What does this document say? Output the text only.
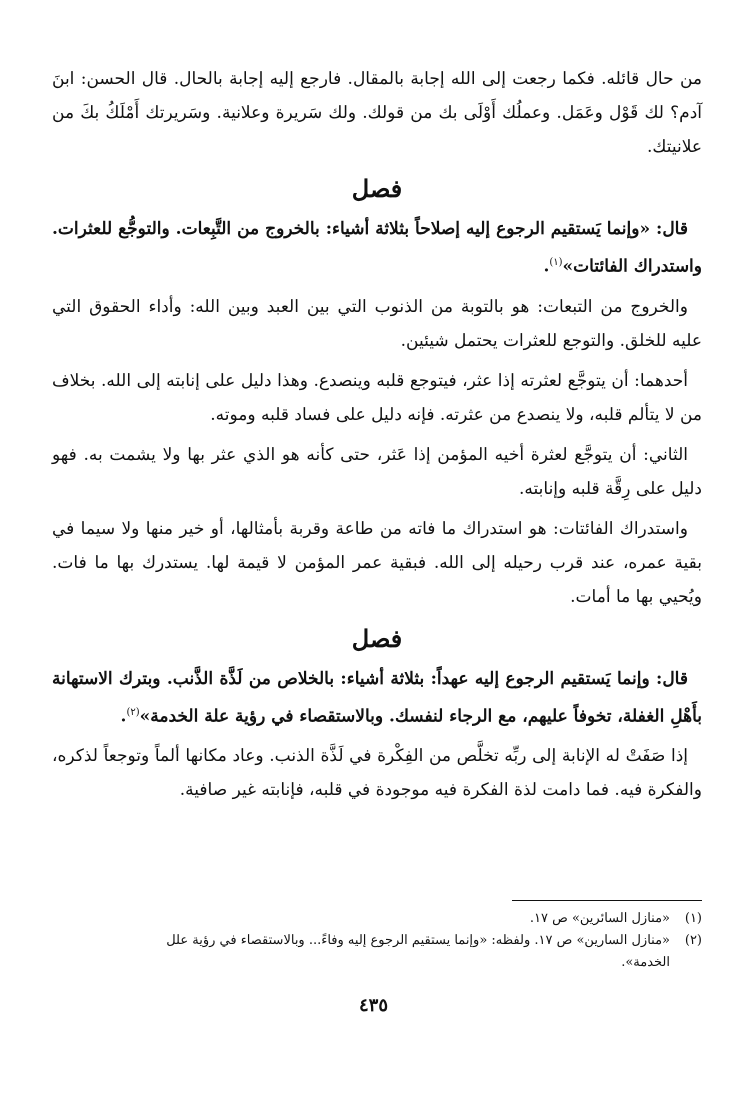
من حال قائله. فكما رجعت إلى الله إجابة بالمقال. فارجع إليه إجابة بالحال. قال الحسن: ابنَ آدم؟ لك قَوْل وعَمَل. وعملُك أَوْلَى بك من قولك. ولك سَريرة وعلانية. وسَريرتك أَمْلَكُ بكَ من علانيتك.

فصل

قال: «وإنما يَستقيم الرجوع إليه إصلاحاً بثلاثة أشياء: بالخروج من التَّبِعات. والتوجُّع للعثرات. واستدراك الفائتات»$^{(١)}$.

والخروج من التبعات: هو بالتوبة من الذنوب التي بين العبد وبين الله: وأداء الحقوق التي عليه للخلق. والتوجع للعثرات يحتمل شيئين.

أحدهما: أن يتوجَّع لعثرته إذا عثر، فيتوجع قلبه وينصدع. وهذا دليل على إنابته إلى الله. بخلاف من لا يتألم قلبه، ولا ينصدع من عثرته. فإنه دليل على فساد قلبه وموته.

الثاني: أن يتوجَّع لعثرة أخيه المؤمن إذا عَثر، حتى كأنه هو الذي عثر بها ولا يشمت به. فهو دليل على رِقَّة قلبه وإنابته.

واستدراك الفائتات: هو استدراك ما فاته من طاعة وقربة بأمثالها، أو خير منها ولا سيما في بقية عمره، عند قرب رحيله إلى الله. فبقية عمر المؤمن لا قيمة لها. يستدرك بها ما فات. ويُحيي بها ما أمات.

فصل

قال: وإنما يَستقيم الرجوع إليه عهداً: بثلاثة أشياء: بالخلاص من لَذَّة الذَّنب. وبترك الاستهانة بأَهْلِ الغفلة، تخوفاً عليهم، مع الرجاء لنفسك. وبالاستقصاء في رؤية علة الخدمة»$^{(٢)}$.

إذا صَفَتْ له الإنابة إلى ربِّه تخلَّص من الفِكْرة في لَذَّة الذنب. وعاد مكانها ألماً وتوجعاً لذكره، والفكرة فيه. فما دامت لذة الفكرة فيه موجودة في قلبه، فإنابته غير صافية.

(١)«منازل السائرين» ص ١٧.

(٢)«منازل السارين» ص ١٧. ولفظه: «وإنما يستقيم الرجوع إليه وفاءً... وبالاستقصاء في رؤية علل

الخدمة».

٤٣٥
